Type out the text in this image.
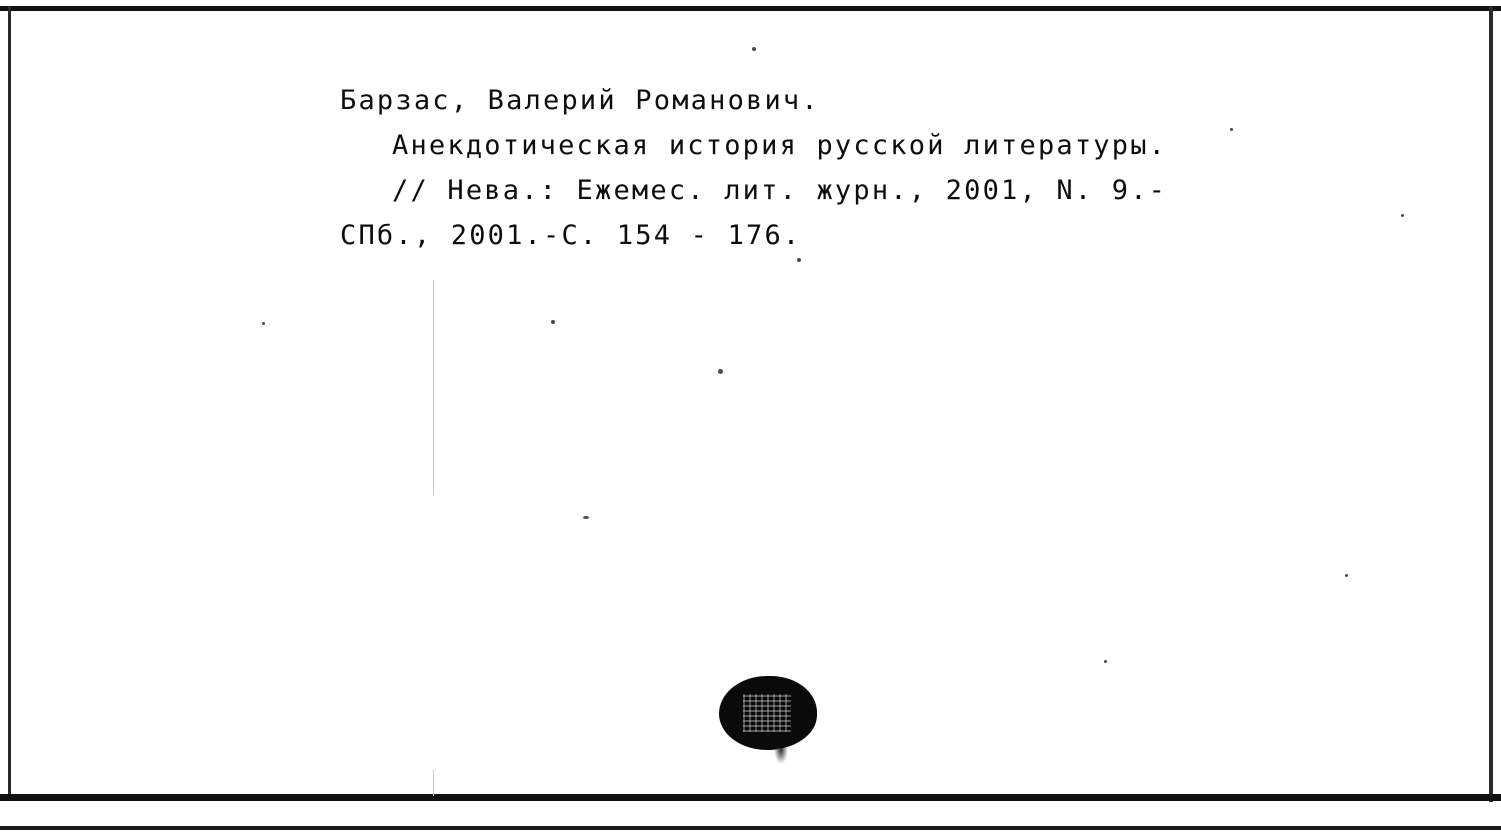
Барзас, Валерий Романович.
Анекдотическая история русской литературы.
// Нева.: Ежемес. лит. журн., 2001, N. 9.-
СПб., 2001.-С. 154 - 176.
